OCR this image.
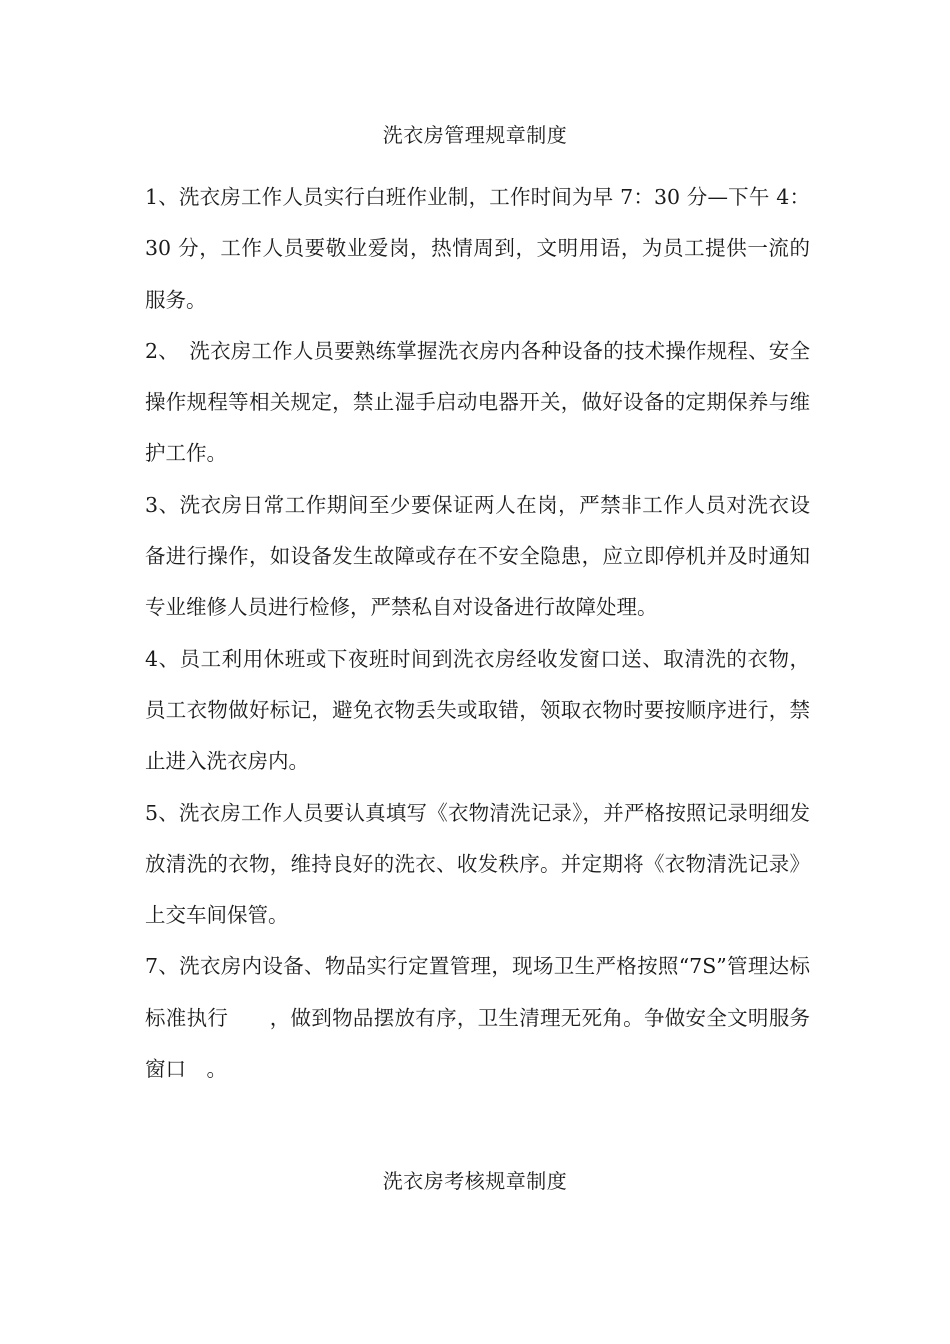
洗衣房管理规章制度

1、洗衣房工作人员实行白班作业制，工作时间为早 7：30 分—下午 4：30 分，工作人员要敬业爱岗，热情周到，文明用语，为员工提供一流的服务。

2、　洗衣房工作人员要熟练掌握洗衣房内各种设备的技术操作规程、安全操作规程等相关规定，禁止湿手启动电器开关，做好设备的定期保养与维护工作。

3、洗衣房日常工作期间至少要保证两人在岗，严禁非工作人员对洗衣设备进行操作，如设备发生故障或存在不安全隐患，应立即停机并及时通知专业维修人员进行检修，严禁私自对设备进行故障处理。

4、员工利用休班或下夜班时间到洗衣房经收发窗口送、取清洗的衣物，员工衣物做好标记，避免衣物丢失或取错，领取衣物时要按顺序进行，禁止进入洗衣房内。

5、洗衣房工作人员要认真填写《衣物清洗记录》，并严格按照记录明细发放清洗的衣物，维持良好的洗衣、收发秩序。并定期将《衣物清洗记录》上交车间保管。

7、洗衣房内设备、物品实行定置管理，现场卫生严格按照“7S”管理达标标准执行　　，做到物品摆放有序，卫生清理无死角。争做安全文明服务窗口　。

洗衣房考核规章制度
